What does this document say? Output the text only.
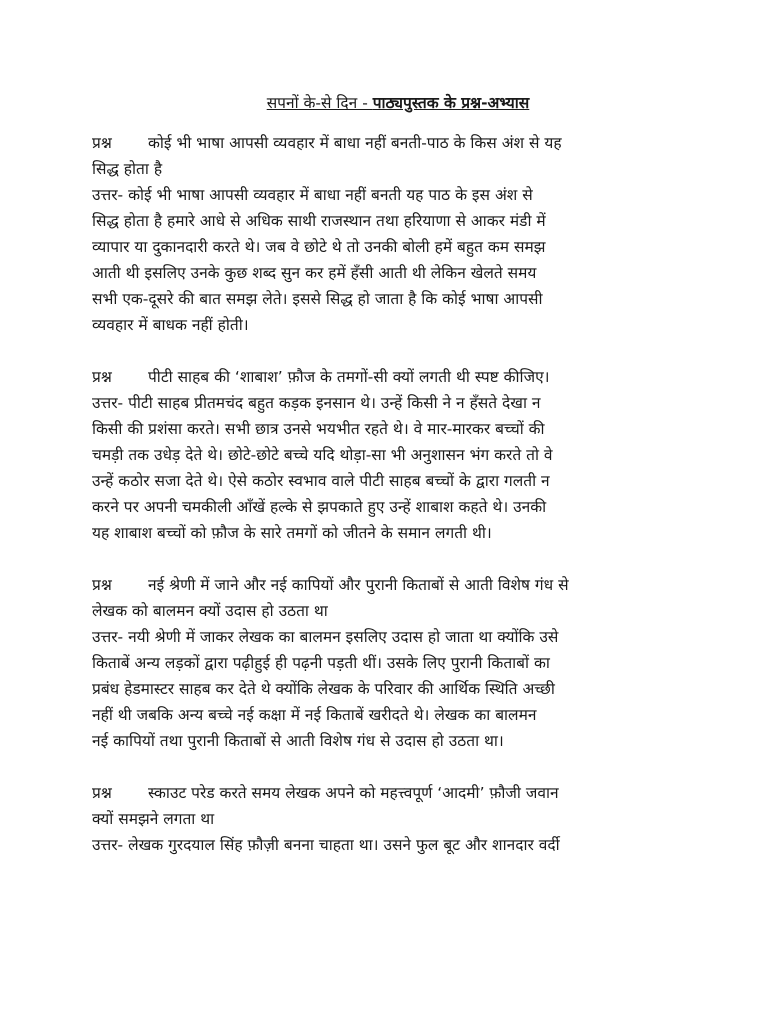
सपनों के-से दिन - पाठ्यपुस्तक के प्रश्न-अभ्यास
प्रश्न कोई भी भाषा आपसी व्यवहार में बाधा नहीं बनती-पाठ के किस अंश से यह
सिद्ध होता है
उत्तर- कोई भी भाषा आपसी व्यवहार में बाधा नहीं बनती यह पाठ के इस अंश से
सिद्ध होता है हमारे आधे से अधिक साथी राजस्थान तथा हरियाणा से आकर मंडी में
व्यापार या दुकानदारी करते थे। जब वे छोटे थे तो उनकी बोली हमें बहुत कम समझ
आती थी इसलिए उनके कुछ शब्द सुन कर हमें हँसी आती थी लेकिन खेलते समय
सभी एक-दूसरे की बात समझ लेते। इससे सिद्ध हो जाता है कि कोई भाषा आपसी
व्यवहार में बाधक नहीं होती।
प्रश्न पीटी साहब की ‘शाबाश’ फ़ौज के तमगों-सी क्यों लगती थी स्पष्ट कीजिए।
उत्तर- पीटी साहब प्रीतमचंद बहुत कड़क इनसान थे। उन्हें किसी ने न हँसते देखा न
किसी की प्रशंसा करते। सभी छात्र उनसे भयभीत रहते थे। वे मार-मारकर बच्चों की
चमड़ी तक उधेड़ देते थे। छोटे-छोटे बच्चे यदि थोड़ा-सा भी अनुशासन भंग करते तो वे
उन्हें कठोर सजा देते थे। ऐसे कठोर स्वभाव वाले पीटी साहब बच्चों के द्वारा गलती न
करने पर अपनी चमकीली आँखें हल्के से झपकाते हुए उन्हें शाबाश कहते थे। उनकी
यह शाबाश बच्चों को फ़ौज के सारे तमगों को जीतने के समान लगती थी।
प्रश्न नई श्रेणी में जाने और नई कापियों और पुरानी किताबों से आती विशेष गंध से
लेखक को बालमन क्यों उदास हो उठता था
उत्तर- नयी श्रेणी में जाकर लेखक का बालमन इसलिए उदास हो जाता था क्योंकि उसे
किताबें अन्य लड़कों द्वारा पढ़ीहुई ही पढ़नी पड़ती थीं। उसके लिए पुरानी किताबों का
प्रबंध हेडमास्टर साहब कर देते थे क्योंकि लेखक के परिवार की आर्थिक स्थिति अच्छी
नहीं थी जबकि अन्य बच्चे नई कक्षा में नई किताबें खरीदते थे। लेखक का बालमन
नई कापियों तथा पुरानी किताबों से आती विशेष गंध से उदास हो उठता था।
प्रश्न स्काउट परेड करते समय लेखक अपने को महत्त्वपूर्ण ‘आदमी’ फ़ौजी जवान
क्यों समझने लगता था
उत्तर- लेखक गुरदयाल सिंह फ़ौज़ी बनना चाहता था। उसने फुल बूट और शानदार वर्दी
